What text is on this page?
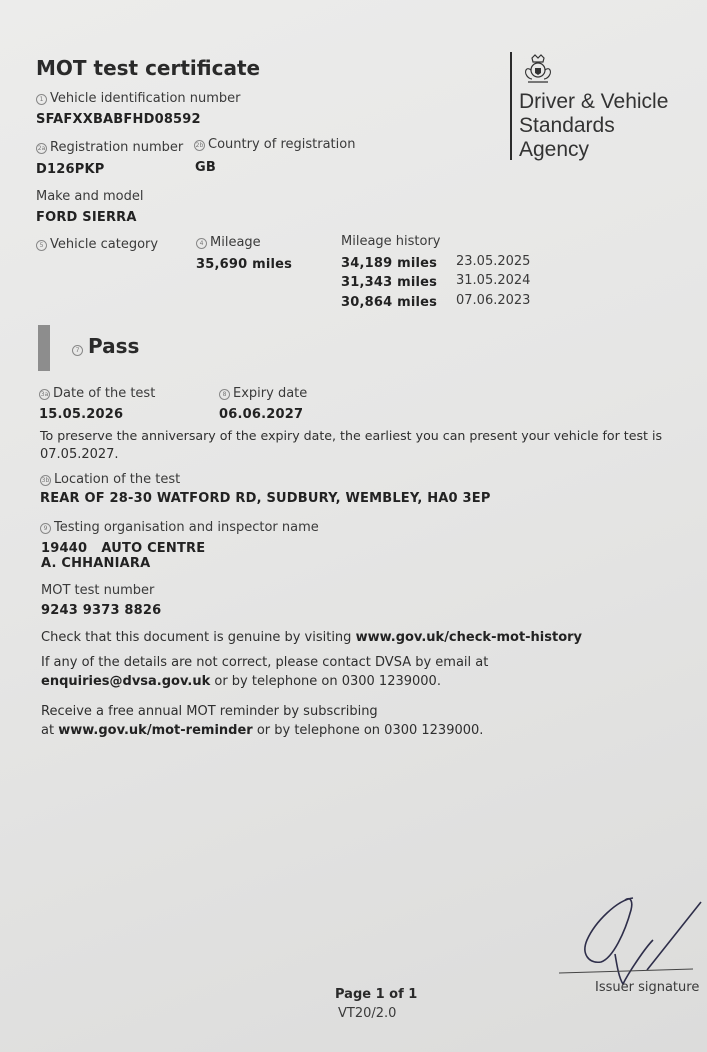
MOT test certificate
Driver & Vehicle
Standards
Agency
1 Vehicle identification number
SFAFXXBABFHD08592
2a Registration number
D126PKP
2b Country of registration
GB
Make and model
FORD SIERRA
5 Vehicle category	4 Mileage
35,690 miles
Mileage history
34,189 miles 23.05.2025
31,343 miles 31.05.2024
30,864 miles 07.06.2023
7 Pass
3a Date of the test
15.05.2026
8 Expiry date
06.06.2027
To preserve the anniversary of the expiry date, the earliest you can present your vehicle for test is
07.05.2027.
3b Location of the test
REAR OF 28-30 WATFORD RD, SUDBURY, WEMBLEY, HA0 3EP
9 Testing organisation and inspector name
19440   AUTO CENTRE
A. CHHANIARA
MOT test number
9243 9373 8826
Check that this document is genuine by visiting www.gov.uk/check-mot-history
If any of the details are not correct, please contact DVSA by email at
enquiries@dvsa.gov.uk or by telephone on 0300 1239000.
Receive a free annual MOT reminder by subscribing
at www.gov.uk/mot-reminder or by telephone on 0300 1239000.
Issuer signature
Page 1 of 1
VT20/2.0
